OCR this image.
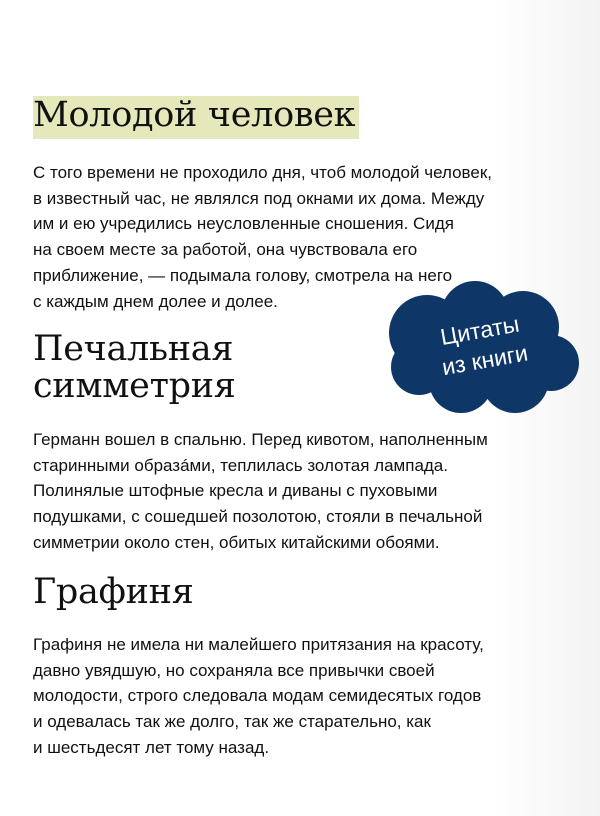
Молодой человек

С того времени не проходило дня, чтоб молодой человек,
в известный час, не являлся под окнами их дома. Между
им и ею учредились неусловленные сношения. Сидя
на своем месте за работой, она чувствовала его
приближение, — подымала голову, смотрела на него
с каждым днем долее и долее.

Печальная
симметрия

Германн вошел в спальню. Перед кивотом, наполненным
старинными образáми, теплилась золотая лампада.
Полинялые штофные кресла и диваны с пуховыми
подушками, с сошедшей позолотою, стояли в печальной
симметрии около стен, обитых китайскими обоями.

Графиня

Графиня не имела ни малейшего притязания на красоту,
давно увядшую, но сохраняла все привычки своей
молодости, строго следовала модам семидесятых годов
и одевалась так же долго, так же старательно, как
и шестьдесят лет тому назад.

Цитаты
из книги
